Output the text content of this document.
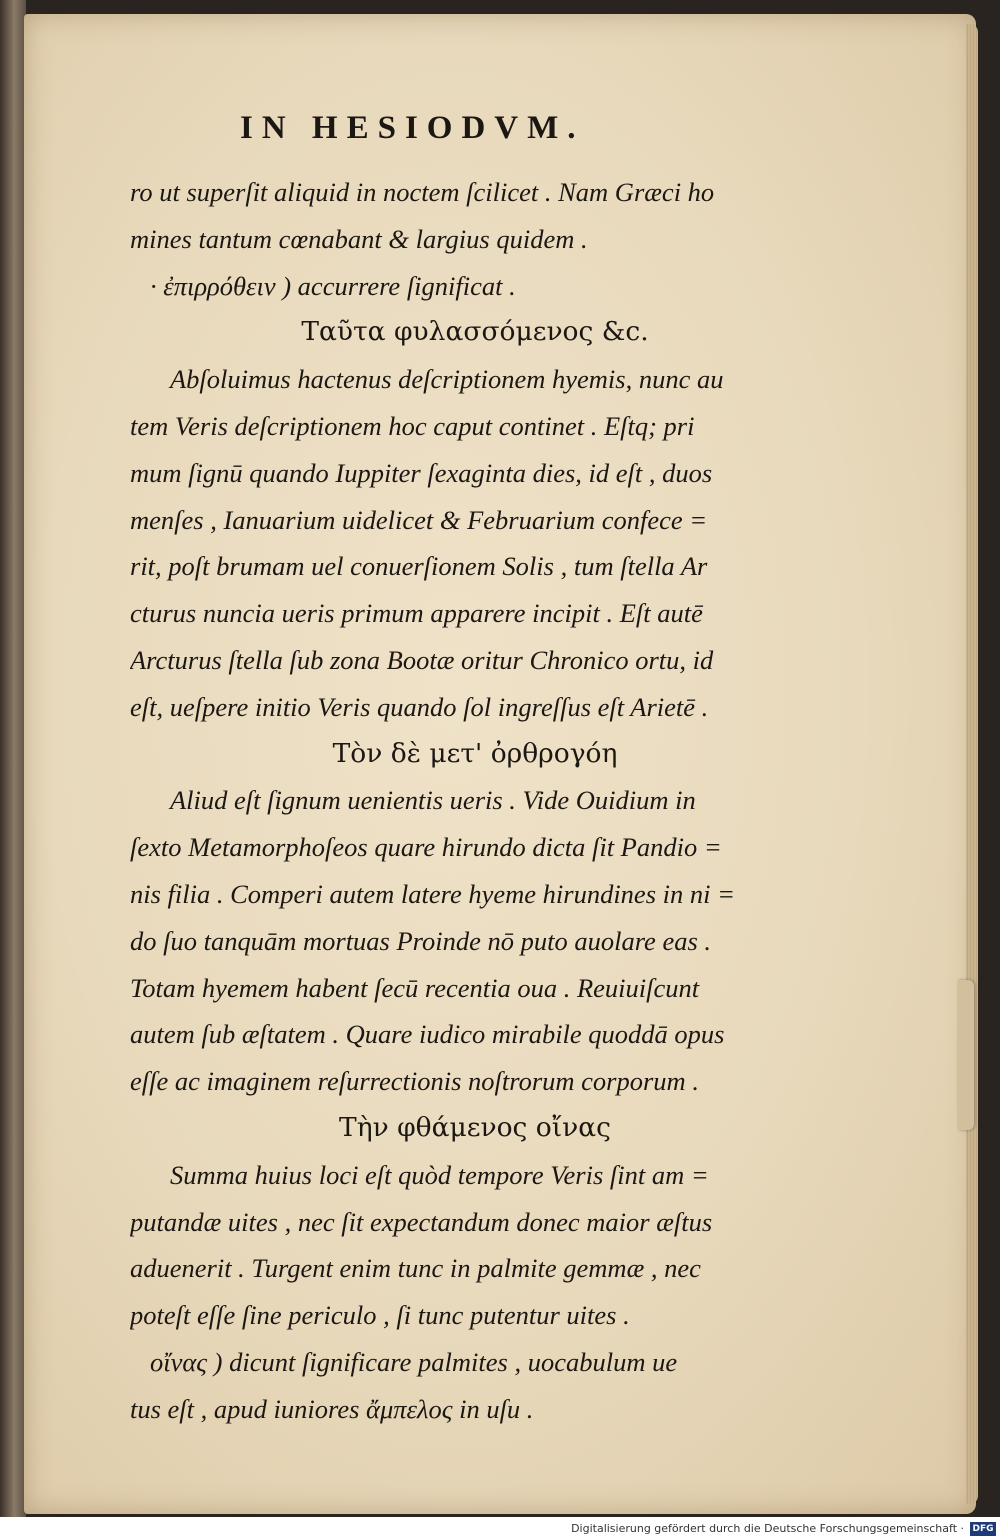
IN HESIODVM.
ro ut superſit aliquid in noctem ſcilicet . Nam Græci ho
mines tantum cœnabant & largius quidem .
· ἐπιρρόθειν ) accurrere ſignificat .
Ταῦτα φυλασσόμενος &c.
Abſoluimus hactenus deſcriptionem hyemis, nunc au
tem Veris deſcriptionem hoc caput continet . Eſtq; pri
mum ſignū quando Iuppiter ſexaginta dies, id eſt , duos
menſes , Ianuarium uidelicet & Februarium confece =
rit, poſt brumam uel conuerſionem Solis , tum ſtella Ar
cturus nuncia ueris primum apparere incipit . Eſt autē
Arcturus ſtella ſub zona Bootæ oritur Chronico ortu, id
eſt, ueſpere initio Veris quando ſol ingreſſus eſt Arietē .
Τὸν δὲ μετ' ὀρθρογόη
Aliud eſt ſignum uenientis ueris . Vide Ouidium in
ſexto Metamorphoſeos quare hirundo dicta ſit Pandio =
nis filia . Comperi autem latere hyeme hirundines in ni =
do ſuo tanquām mortuas Proinde nō puto auolare eas .
Totam hyemem habent ſecū recentia oua . Reuiuiſcunt
autem ſub æſtatem . Quare iudico mirabile quoddā opus
eſſe ac imaginem reſurrectionis noſtrorum corporum .
Τὴν φθάμενος οἴνας
Summa huius loci eſt quòd tempore Veris ſint am =
putandæ uites , nec ſit expectandum donec maior æſtus
aduenerit . Turgent enim tunc in palmite gemmæ , nec
poteſt eſſe ſine periculo , ſi tunc putentur uites .
οἴνας ) dicunt ſignificare palmites , uocabulum ue
tus eſt , apud iuniores ἄμπελος in uſu .
Digitalisierung gefördert durch die Deutsche Forschungsgemeinschaft · DFG
